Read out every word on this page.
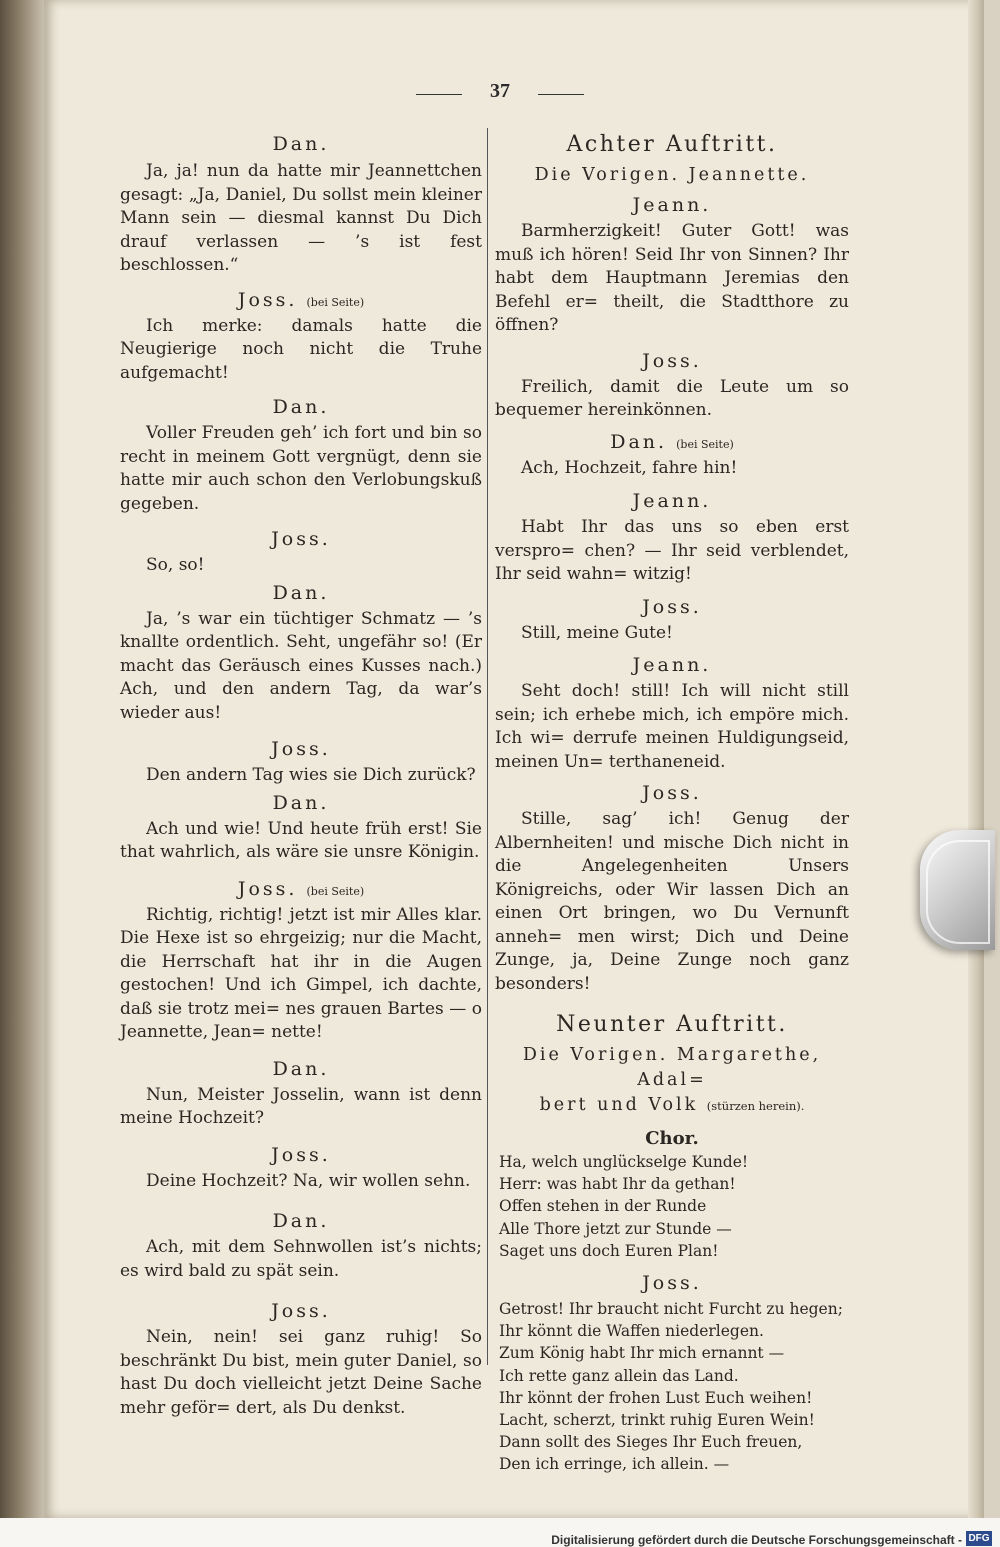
37
Dan.
Ja, ja! nun da hatte mir Jeannettchen gesagt: „Ja, Daniel, Du sollst mein kleiner Mann sein — diesmal kannst Du Dich drauf verlassen — ’s ist fest beschlossen.“
Joss. (bei Seite)
Ich merke: damals hatte die Neugierige noch nicht die Truhe aufgemacht!
Dan.
Voller Freuden geh’ ich fort und bin so recht in meinem Gott vergnügt, denn sie hatte mir auch schon den Verlobungskuß gegeben.
Joss.
So, so!
Dan.
Ja, ’s war ein tüchtiger Schmatz — ’s knallte ordentlich. Seht, ungefähr so! (Er macht das Geräusch eines Kusses nach.) Ach, und den andern Tag, da war’s wieder aus!
Joss.
Den andern Tag wies sie Dich zurück?
Dan.
Ach und wie! Und heute früh erst! Sie that wahrlich, als wäre sie unsre Königin.
Joss. (bei Seite)
Richtig, richtig! jetzt ist mir Alles klar. Die Hexe ist so ehrgeizig; nur die Macht, die Herrschaft hat ihr in die Augen gestochen! Und ich Gimpel, ich dachte, daß sie trotz mei= nes grauen Bartes — o Jeannette, Jean= nette!
Dan.
Nun, Meister Josselin, wann ist denn meine Hochzeit?
Joss.
Deine Hochzeit? Na, wir wollen sehn.
Dan.
Ach, mit dem Sehnwollen ist’s nichts; es wird bald zu spät sein.
Joss.
Nein, nein! sei ganz ruhig! So beschränkt Du bist, mein guter Daniel, so hast Du doch vielleicht jetzt Deine Sache mehr geför= dert, als Du denkst.
Achter Auftritt.
Die Vorigen. Jeannette.
Jeann.
Barmherzigkeit! Guter Gott! was muß ich hören! Seid Ihr von Sinnen? Ihr habt dem Hauptmann Jeremias den Befehl er= theilt, die Stadtthore zu öffnen?
Joss.
Freilich, damit die Leute um so bequemer hereinkönnen.
Dan. (bei Seite)
Ach, Hochzeit, fahre hin!
Jeann.
Habt Ihr das uns so eben erst verspro= chen? — Ihr seid verblendet, Ihr seid wahn= witzig!
Joss.
Still, meine Gute!
Jeann.
Seht doch! still! Ich will nicht still sein; ich erhebe mich, ich empöre mich. Ich wi= derrufe meinen Huldigungseid, meinen Un= terthaneneid.
Joss.
Stille, sag’ ich! Genug der Albernheiten! und mische Dich nicht in die Angelegenheiten	Unsers Königreichs, oder Wir lassen Dich an einen Ort bringen, wo Du Vernunft anneh= men wirst; Dich und Deine Zunge, ja, Deine Zunge noch ganz besonders!
Neunter Auftritt.
Die Vorigen. Margarethe, Adal=
bert und Volk (stürzen herein).
Chor.
Ha, welch unglückselge Kunde!
Herr: was habt Ihr da gethan!
Offen stehen in der Runde
Alle Thore jetzt zur Stunde —
Saget uns doch Euren Plan!
Joss.
Getrost! Ihr braucht nicht Furcht zu hegen;
Ihr könnt die Waffen niederlegen.
Zum König habt Ihr mich ernannt —
Ich rette ganz allein das Land.
Ihr könnt der frohen Lust Euch weihen!
Lacht, scherzt, trinkt ruhig Euren Wein!
Dann sollt des Sieges Ihr Euch freuen,
Den ich erringe, ich allein. —
Digitalisierung gefördert durch die Deutsche Forschungsgemeinschaft - DFG
